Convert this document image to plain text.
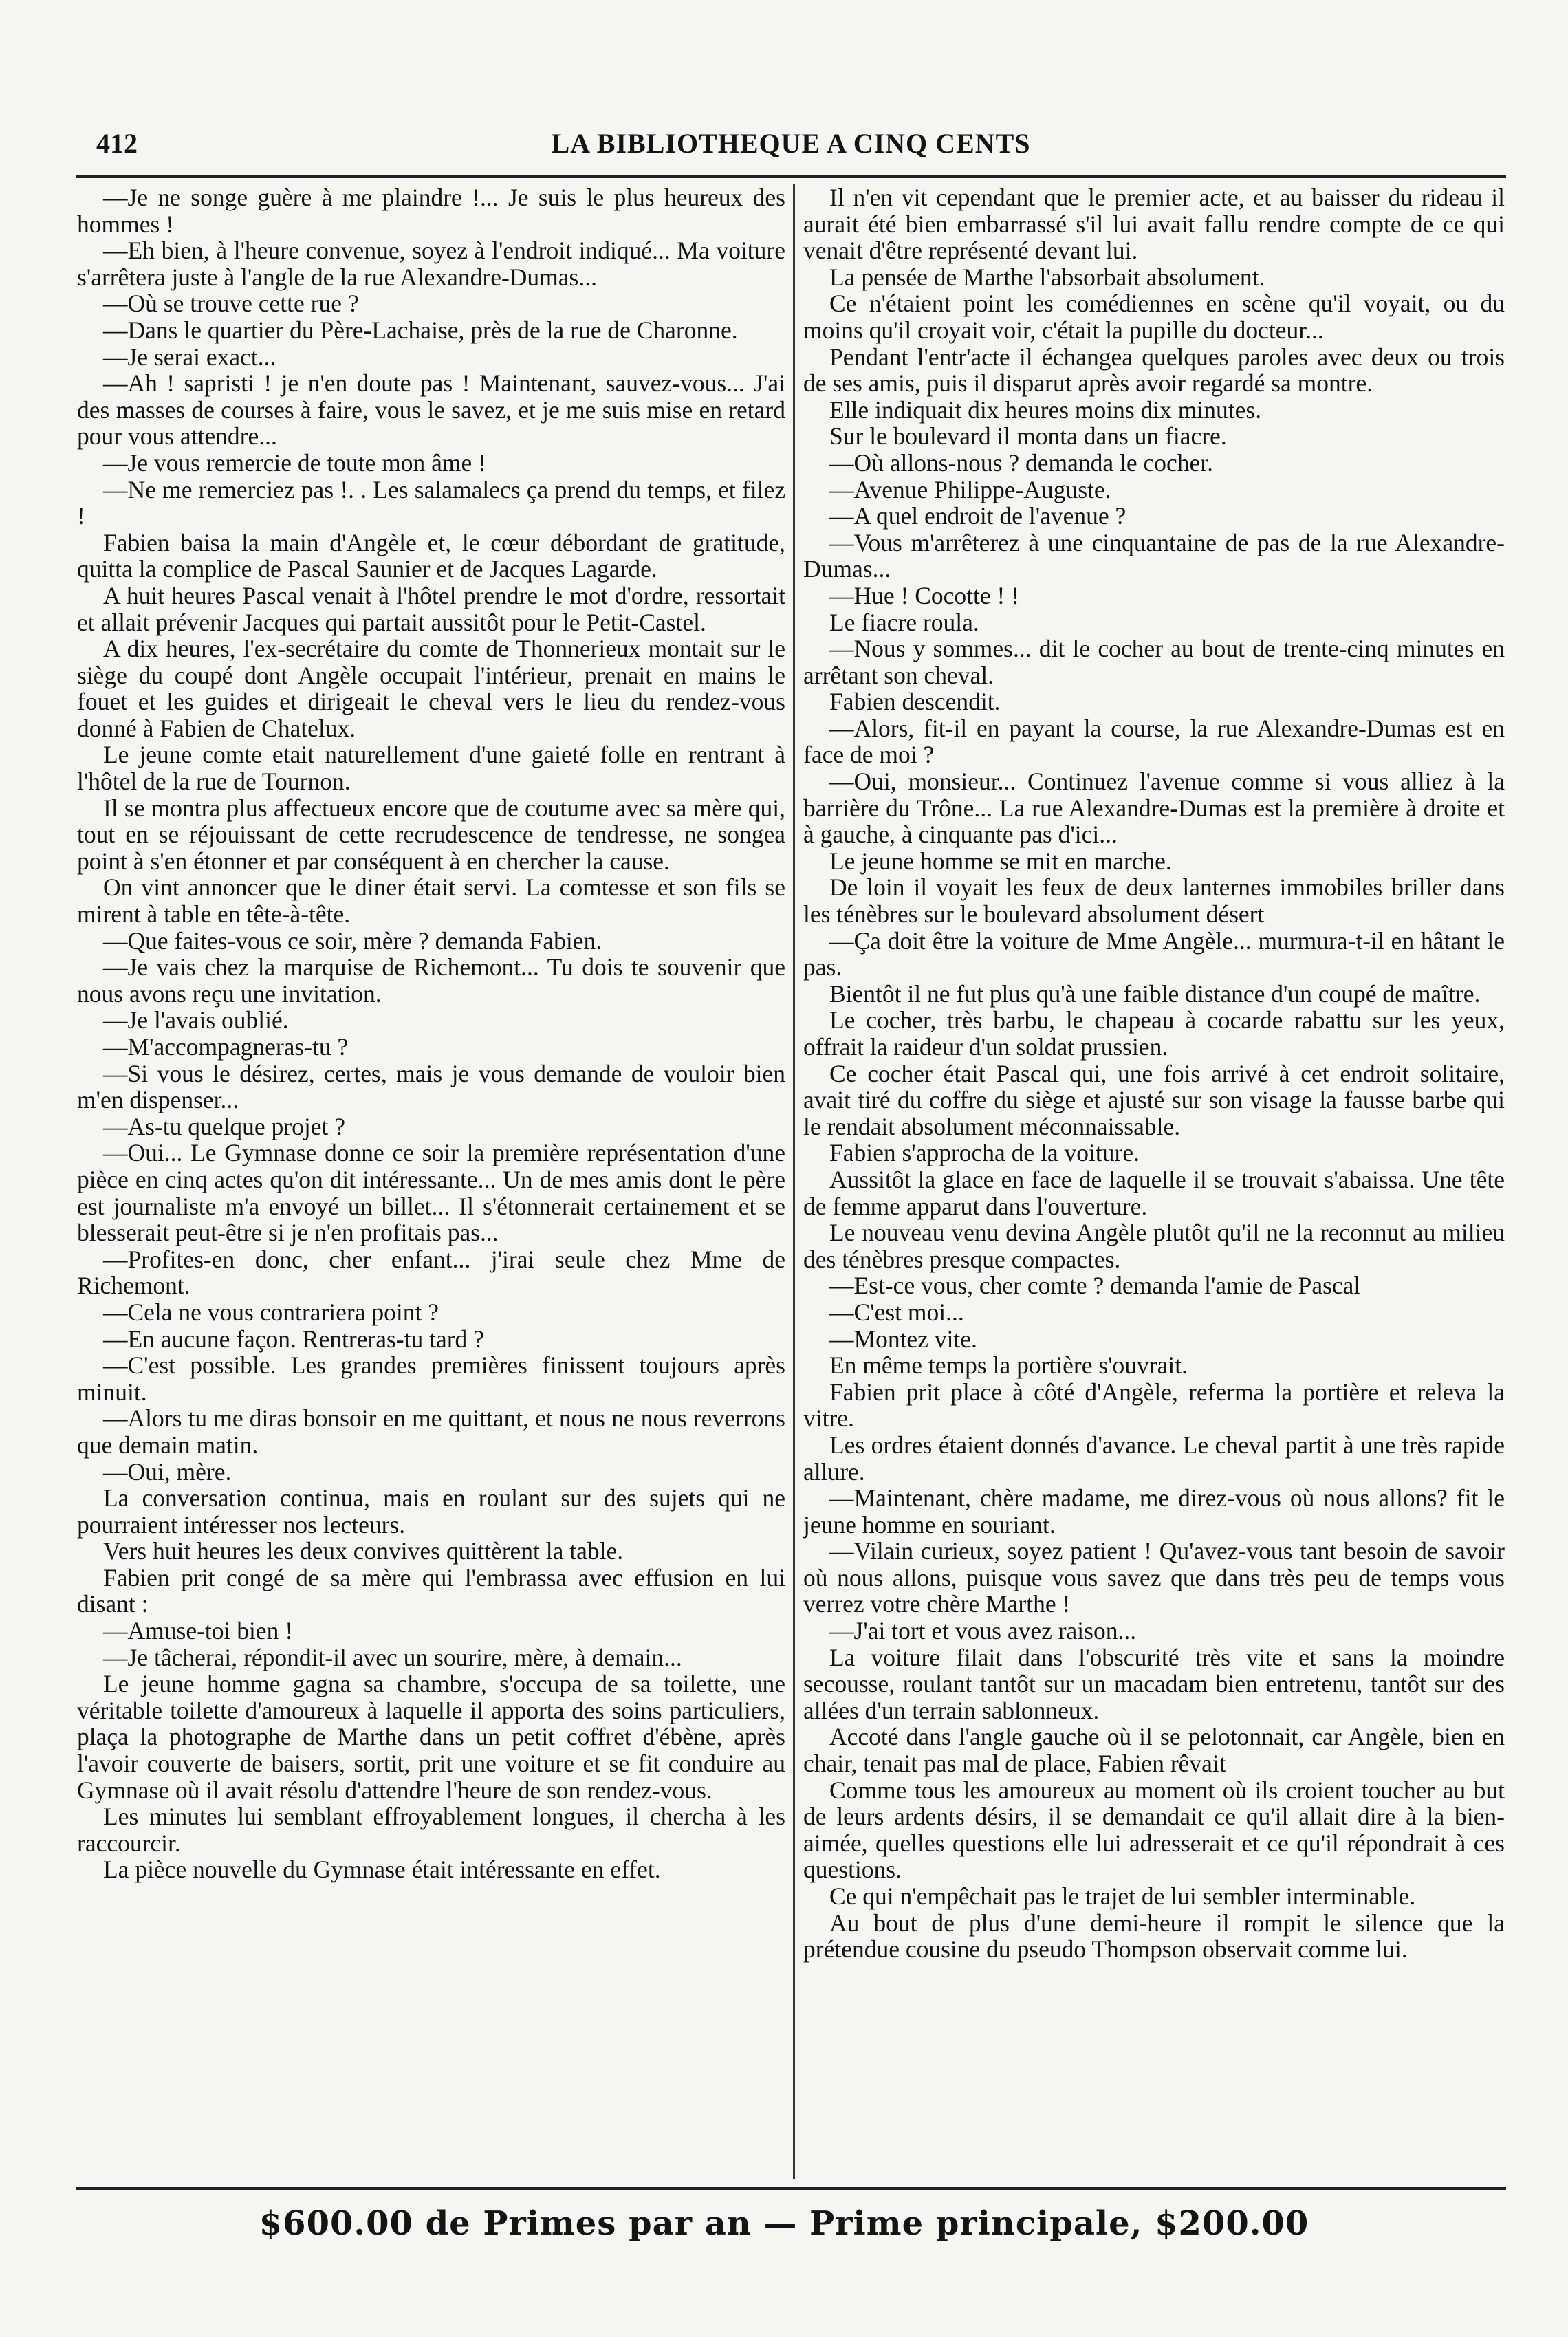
412	LA BIBLIOTHEQUE A CINQ CENTS

—Je ne songe guère à me plaindre !... Je suis le plus heureux des hommes !

—Eh bien, à l'heure convenue, soyez à l'endroit indiqué... Ma voiture s'arrêtera juste à l'angle de la rue Alexandre-Dumas...

—Où se trouve cette rue ?

—Dans le quartier du Père-Lachaise, près de la rue de Charonne.

—Je serai exact...

—Ah ! sapristi ! je n'en doute pas ! Maintenant, sauvez-vous... J'ai des masses de courses à faire, vous le savez, et je me suis mise en retard pour vous attendre...

—Je vous remercie de toute mon âme !

—Ne me remerciez pas !. . Les salamalecs ça prend du temps, et filez !

Fabien baisa la main d'Angèle et, le cœur débordant de gratitude, quitta la complice de Pascal Saunier et de Jacques Lagarde.

A huit heures Pascal venait à l'hôtel prendre le mot d'ordre, ressortait et allait prévenir Jacques qui partait aussitôt pour le Petit-Castel.

A dix heures, l'ex-secrétaire du comte de Thonnerieux montait sur le siège du coupé dont Angèle occupait l'intérieur, prenait en mains le fouet et les guides et dirigeait le cheval vers le lieu du rendez-vous donné à Fabien de Chatelux.

Le jeune comte etait naturellement d'une gaieté folle en rentrant à l'hôtel de la rue de Tournon.

Il se montra plus affectueux encore que de coutume avec sa mère qui, tout en se réjouissant de cette recrudescence de tendresse, ne songea point à s'en étonner et par conséquent à en chercher la cause.

On vint annoncer que le diner était servi. La comtesse et son fils se mirent à table en tête-à-tête.

—Que faites-vous ce soir, mère ? demanda Fabien.

—Je vais chez la marquise de Richemont... Tu dois te souvenir que nous avons reçu une invitation.

—Je l'avais oublié.

—M'accompagneras-tu ?

—Si vous le désirez, certes, mais je vous demande de vouloir bien m'en dispenser...

—As-tu quelque projet ?

—Oui... Le Gymnase donne ce soir la première représentation d'une pièce en cinq actes qu'on dit intéressante... Un de mes amis dont le père est journaliste m'a envoyé un billet... Il s'étonnerait certainement et se blesserait peut-être si je n'en profitais pas...

—Profites-en donc, cher enfant... j'irai seule chez Mme de Richemont.

—Cela ne vous contrariera point ?

—En aucune façon. Rentreras-tu tard ?

—C'est possible. Les grandes premières finissent toujours après minuit.

—Alors tu me diras bonsoir en me quittant, et nous ne nous reverrons que demain matin.

—Oui, mère.

La conversation continua, mais en roulant sur des sujets qui ne pourraient intéresser nos lecteurs.

Vers huit heures les deux convives quittèrent la table.

Fabien prit congé de sa mère qui l'embrassa avec effusion en lui disant :

—Amuse-toi bien !

—Je tâcherai, répondit-il avec un sourire, mère, à demain...

Le jeune homme gagna sa chambre, s'occupa de sa toilette, une véritable toilette d'amoureux à laquelle il apporta des soins particuliers, plaça la photographe de Marthe dans un petit coffret d'ébène, après l'avoir couverte de baisers, sortit, prit une voiture et se fit conduire au Gymnase où il avait résolu d'attendre l'heure de son rendez-vous.

Les minutes lui semblant effroyablement longues, il chercha à les raccourcir.

La pièce nouvelle du Gymnase était intéressante en effet.

Il n'en vit cependant que le premier acte, et au baisser du rideau il aurait été bien embarrassé s'il lui avait fallu rendre compte de ce qui venait d'être représenté devant lui.

La pensée de Marthe l'absorbait absolument.

Ce n'étaient point les comédiennes en scène qu'il voyait, ou du moins qu'il croyait voir, c'était la pupille du docteur...

Pendant l'entr'acte il échangea quelques paroles avec deux ou trois de ses amis, puis il disparut après avoir regardé sa montre.

Elle indiquait dix heures moins dix minutes.

Sur le boulevard il monta dans un fiacre.

—Où allons-nous ? demanda le cocher.

—Avenue Philippe-Auguste.

—A quel endroit de l'avenue ?

—Vous m'arrêterez à une cinquantaine de pas de la rue Alexandre-Dumas...

—Hue ! Cocotte ! !

Le fiacre roula.

—Nous y sommes... dit le cocher au bout de trente-cinq minutes en arrêtant son cheval.

Fabien descendit.

—Alors, fit-il en payant la course, la rue Alexandre-Dumas est en face de moi ?

—Oui, monsieur... Continuez l'avenue comme si vous alliez à la barrière du Trône... La rue Alexandre-Dumas est la première à droite et à gauche, à cinquante pas d'ici...

Le jeune homme se mit en marche.

De loin il voyait les feux de deux lanternes immobiles briller dans les ténèbres sur le boulevard absolument désert

—Ça doit être la voiture de Mme Angèle... murmura-t-il en hâtant le pas.

Bientôt il ne fut plus qu'à une faible distance d'un coupé de maître.

Le cocher, très barbu, le chapeau à cocarde rabattu sur les yeux, offrait la raideur d'un soldat prussien.

Ce cocher était Pascal qui, une fois arrivé à cet endroit solitaire, avait tiré du coffre du siège et ajusté sur son visage la fausse barbe qui le rendait absolument méconnaissable.

Fabien s'approcha de la voiture.

Aussitôt la glace en face de laquelle il se trouvait s'abaissa. Une tête de femme apparut dans l'ouverture.

Le nouveau venu devina Angèle plutôt qu'il ne la reconnut au milieu des ténèbres presque compactes.

—Est-ce vous, cher comte ? demanda l'amie de Pascal

—C'est moi...

—Montez vite.

En même temps la portière s'ouvrait.

Fabien prit place à côté d'Angèle, referma la portière et releva la vitre.

Les ordres étaient donnés d'avance. Le cheval partit à une très rapide allure.

—Maintenant, chère madame, me direz-vous où nous allons? fit le jeune homme en souriant.

—Vilain curieux, soyez patient ! Qu'avez-vous tant besoin de savoir où nous allons, puisque vous savez que dans très peu de temps vous verrez votre chère Marthe !

—J'ai tort et vous avez raison...

La voiture filait dans l'obscurité très vite et sans la moindre secousse, roulant tantôt sur un macadam bien entretenu, tantôt sur des allées d'un terrain sablonneux.

Accoté dans l'angle gauche où il se pelotonnait, car Angèle, bien en chair, tenait pas mal de place, Fabien rêvait

Comme tous les amoureux au moment où ils croient toucher au but de leurs ardents désirs, il se demandait ce qu'il allait dire à la bien-aimée, quelles questions elle lui adresserait et ce qu'il répondrait à ces questions.

Ce qui n'empêchait pas le trajet de lui sembler interminable.

Au bout de plus d'une demi-heure il rompit le silence que la prétendue cousine du pseudo Thompson observait comme lui.

$600.00 de Primes par an — Prime principale, $200.00
